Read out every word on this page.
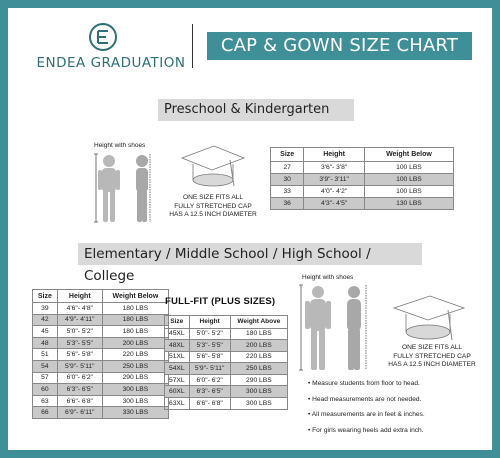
ENDEA GRADUATION
CAP & GOWN SIZE CHART
Preschool & Kindergarten
Height with shoes
ONE SIZE FITS ALL
FULLY STRETCHED CAP
HAS A 12.5 INCH DIAMETER
Size	Height	Weight Below
27	3'6"- 3'8"	100 LBS
30	3'9"- 3'11"	100 LBS
33	4'0"- 4'2"	100 LBS
36	4'3"- 4'5"	130 LBS
Elementary / Middle School / High School / College
Size	Height	Weight Below
39	4'6"- 4'8"	180 LBS
42	4'9"- 4'11"	180 LBS
45	5'0"- 5'2"	180 LBS
48	5'3"- 5'5"	200 LBS
51	5'6"- 5'8"	220 LBS
54	5'9"- 5'11"	250 LBS
57	6'0"- 6'2"	290 LBS
60	6'3"- 6'5"	300 LBS
63	6'6"- 6'8"	300 LBS
66	6'9"- 6'11"	330 LBS
FULL-FIT (PLUS SIZES)
Size	Height	Weight Above
45XL	5'0"- 5'2"	180 LBS
48XL	5'3"- 5'5"	200 LBS
51XL	5'6"- 5'8"	220 LBS
54XL	5'9"- 5'11"	250 LBS
57XL	6'0"- 6'2"	290 LBS
60XL	6'3"- 6'5"	300 LBS
63XL	6'6"- 6'8"	300 LBS
Height with shoes
ONE SIZE FITS ALL
FULLY STRETCHED CAP
HAS A 12.5 INCH DIAMETER
• Measure students from floor to head.
• Head measurements are not needed.
• All measurements are in feet & inches.
• For girls wearing heels add extra inch.
